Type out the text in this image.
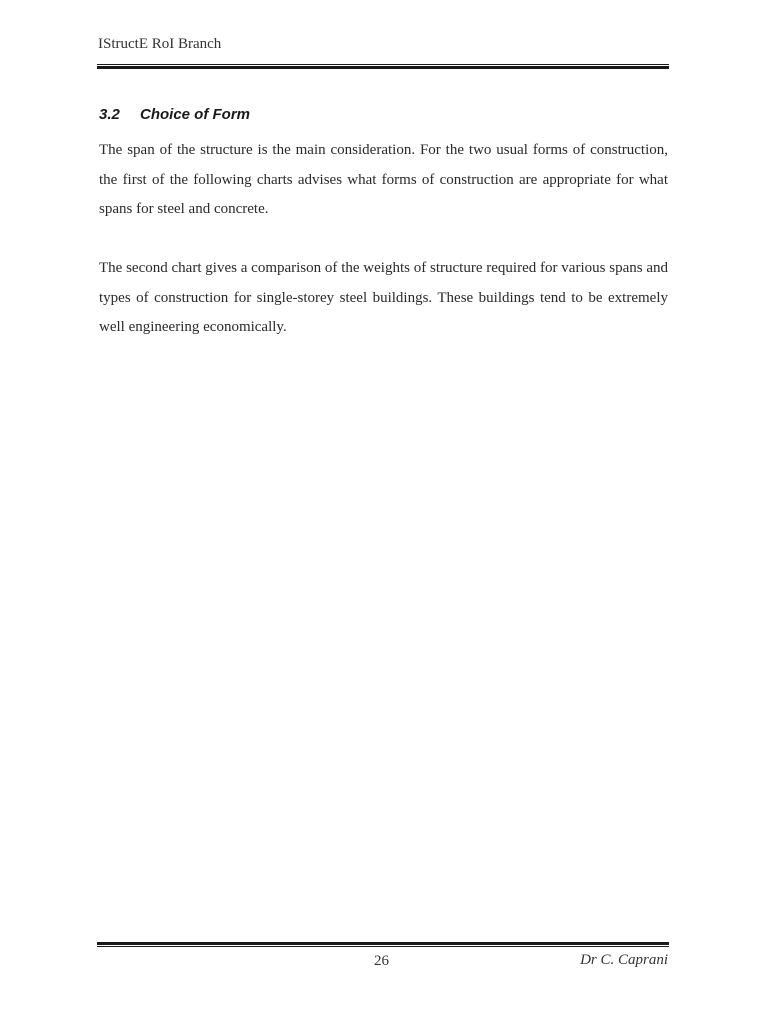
IStructE RoI Branch
3.2 Choice of Form

The span of the structure is the main consideration. For the two usual forms of construction, the first of the following charts advises what forms of construction are appropriate for what spans for steel and concrete.

The second chart gives a comparison of the weights of structure required for various spans and types of construction for single-storey steel buildings. These buildings tend to be extremely well engineering economically.

26	Dr C. Caprani
